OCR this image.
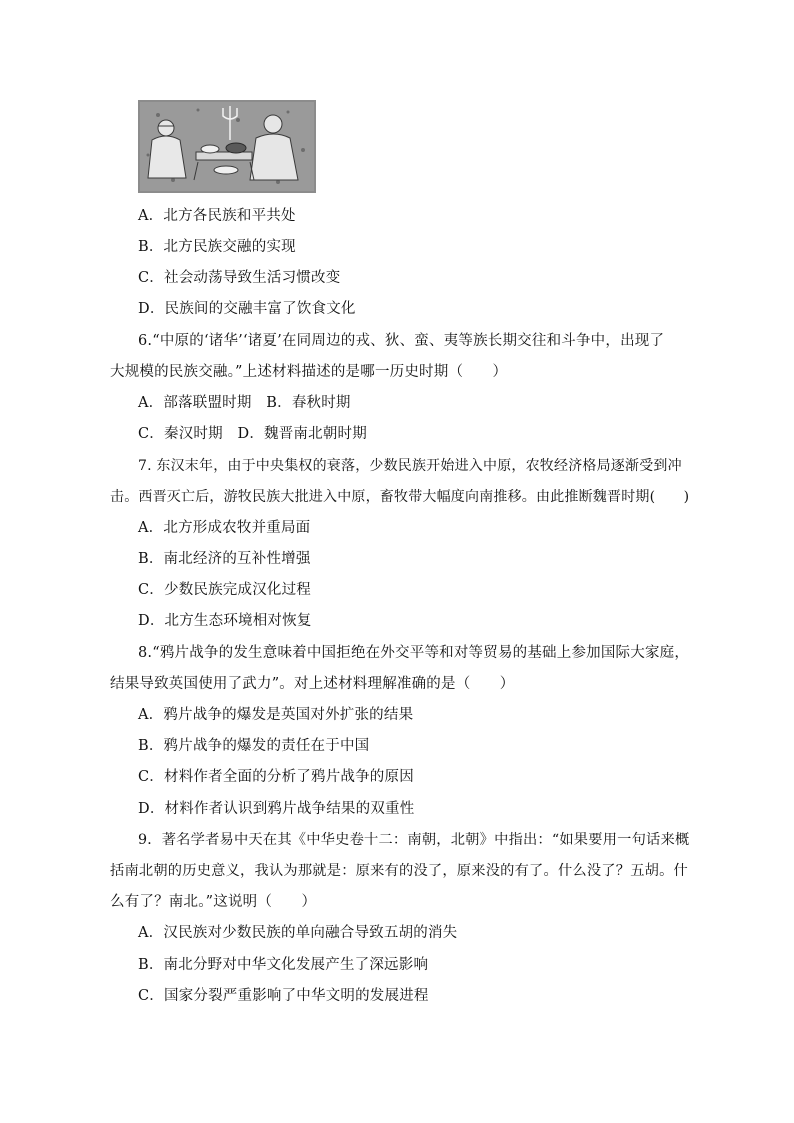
A．北方各民族和平共处
B．北方民族交融的实现
C．社会动荡导致生活习惯改变
D．民族间的交融丰富了饮食文化
6.“中原的‘诸华’‘诸夏’在同周边的戎、狄、蛮、夷等族长期交往和斗争中，出现了
大规模的民族交融。”上述材料描述的是哪一历史时期（　　）
A．部落联盟时期　B．春秋时期
C．秦汉时期　D．魏晋南北朝时期
7. 东汉末年，由于中央集权的衰落，少数民族开始进入中原，农牧经济格局逐渐受到冲
击。西晋灭亡后，游牧民族大批进入中原，畜牧带大幅度向南推移。由此推断魏晋时期(　　)
A．北方形成农牧并重局面
B．南北经济的互补性增强
C．少数民族完成汉化过程
D．北方生态环境相对恢复
8.“鸦片战争的发生意味着中国拒绝在外交平等和对等贸易的基础上参加国际大家庭，
结果导致英国使用了武力”。对上述材料理解准确的是（　　）
A．鸦片战争的爆发是英国对外扩张的结果
B．鸦片战争的爆发的责任在于中国
C．材料作者全面的分析了鸦片战争的原因
D．材料作者认识到鸦片战争结果的双重性
9．著名学者易中天在其《中华史卷十二：南朝，北朝》中指出：“如果要用一句话来概
括南北朝的历史意义，我认为那就是：原来有的没了，原来没的有了。什么没了？五胡。什
么有了？南北。”这说明（　　）
A．汉民族对少数民族的单向融合导致五胡的消失
B．南北分野对中华文化发展产生了深远影响
C．国家分裂严重影响了中华文明的发展进程
